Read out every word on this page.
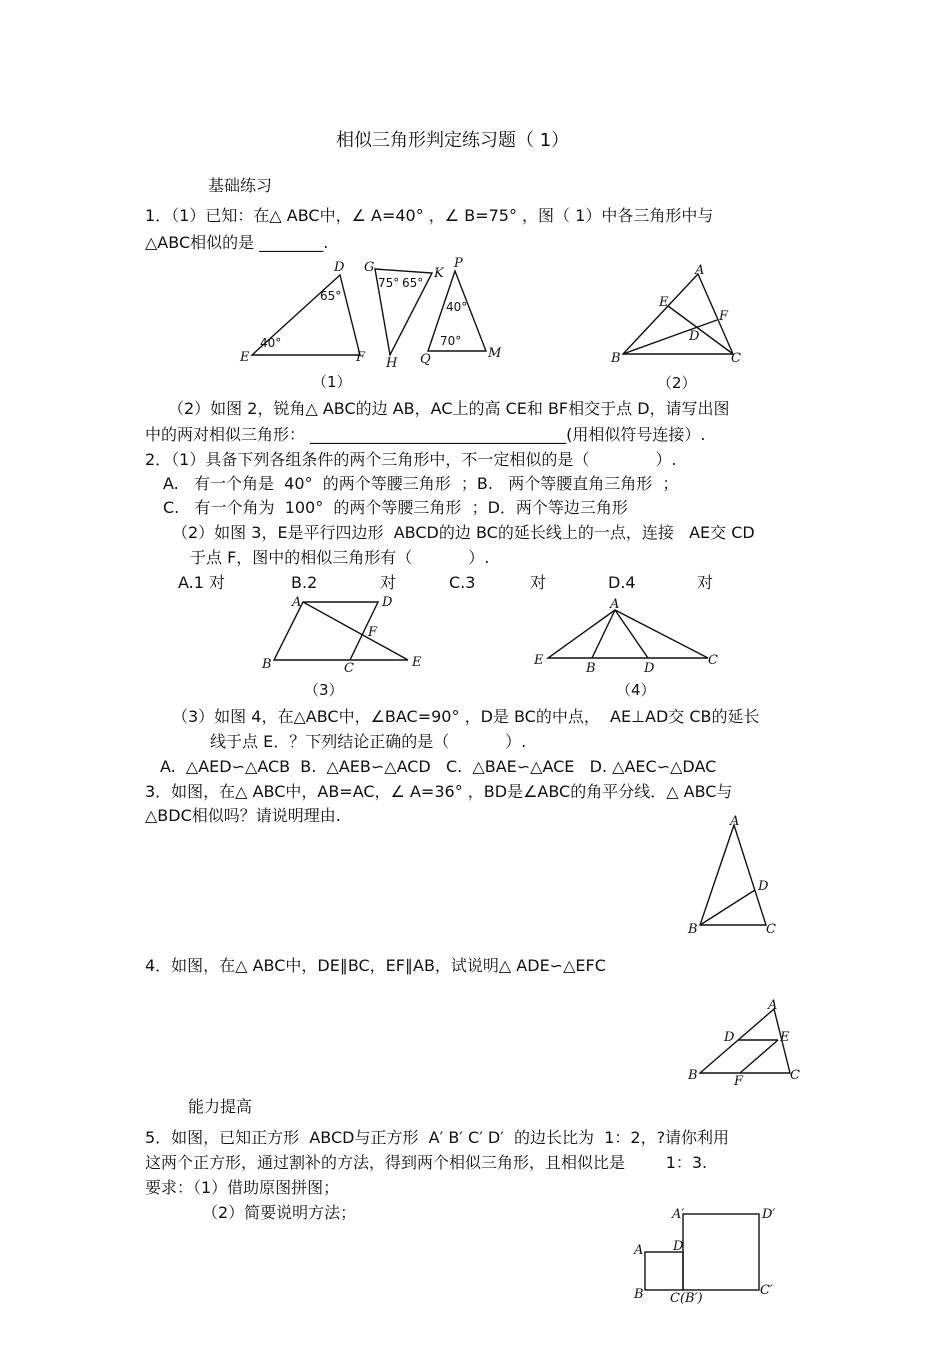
相似三角形判定练习题（ 1）
基础练习
1．（1）已知：在△ ABC中，∠ A=40° ，∠ B=75° ，图（ 1）中各三角形中与
△ABC相似的是 ________.
D
65°
40°
E	F
G	K
H
75° 65°
P
40°
70°
Q	M
（1）
A
E
F
D
B	C
（2）
（2）如图 2，锐角△ ABC的边 AB，AC上的高 CE和 BF相交于点 D，请写出图
中的两对相似三角形： ________________________________(用相似符号连接）.
2．（1）具备下列各组条件的两个三角形中，不一定相似的是（             ）.
A.   有一个角是  40°  的两个等腰三角形  ；B.   两个等腰直角三角形  ；
C.   有一个角为  100°  的两个等腰三角形  ；D．两个等边三角形
（2）如图 3，E是平行四边形  ABCD的边 BC的延长线上的一点，连接   AE交 CD
于点 F，图中的相似三角形有（           ）.
A.1 对	B.2	对	C.3	对	D.4	对
A	D
F
B	C	E
（3）
A
E
B	D
C
（4）
（3）如图 4，在△ABC中，∠BAC=90° ，D是 BC的中点，  AE⊥AD交 CB的延长
线于点 E．？下列结论正确的是（           ）.
A.  △AED∽△ACB  B.  △AEB∽△ACD   C.  △BAE∽△ACE   D. △AEC∽△DAC
3．如图，在△ ABC中，AB=AC，∠ A=36° ，BD是∠ABC的角平分线．△ ABC与
△BDC相似吗？请说明理由.	A
D
B	C
4．如图，在△ ABC中，DE∥BC，EF∥AB，试说明△ ADE∽△EFC
A
D	E
B	F	C
能力提高
5．如图，已知正方形  ABCD与正方形  A′ B′ C′ D′  的边长比为  1：2，?请你利用
这两个正方形，通过割补的方法，得到两个相似三角形，且相似比是        1：3.
要求：（1）借助原图拼图；
（2）简要说明方法；	A′	D′
A D
B C(B′)
C′
